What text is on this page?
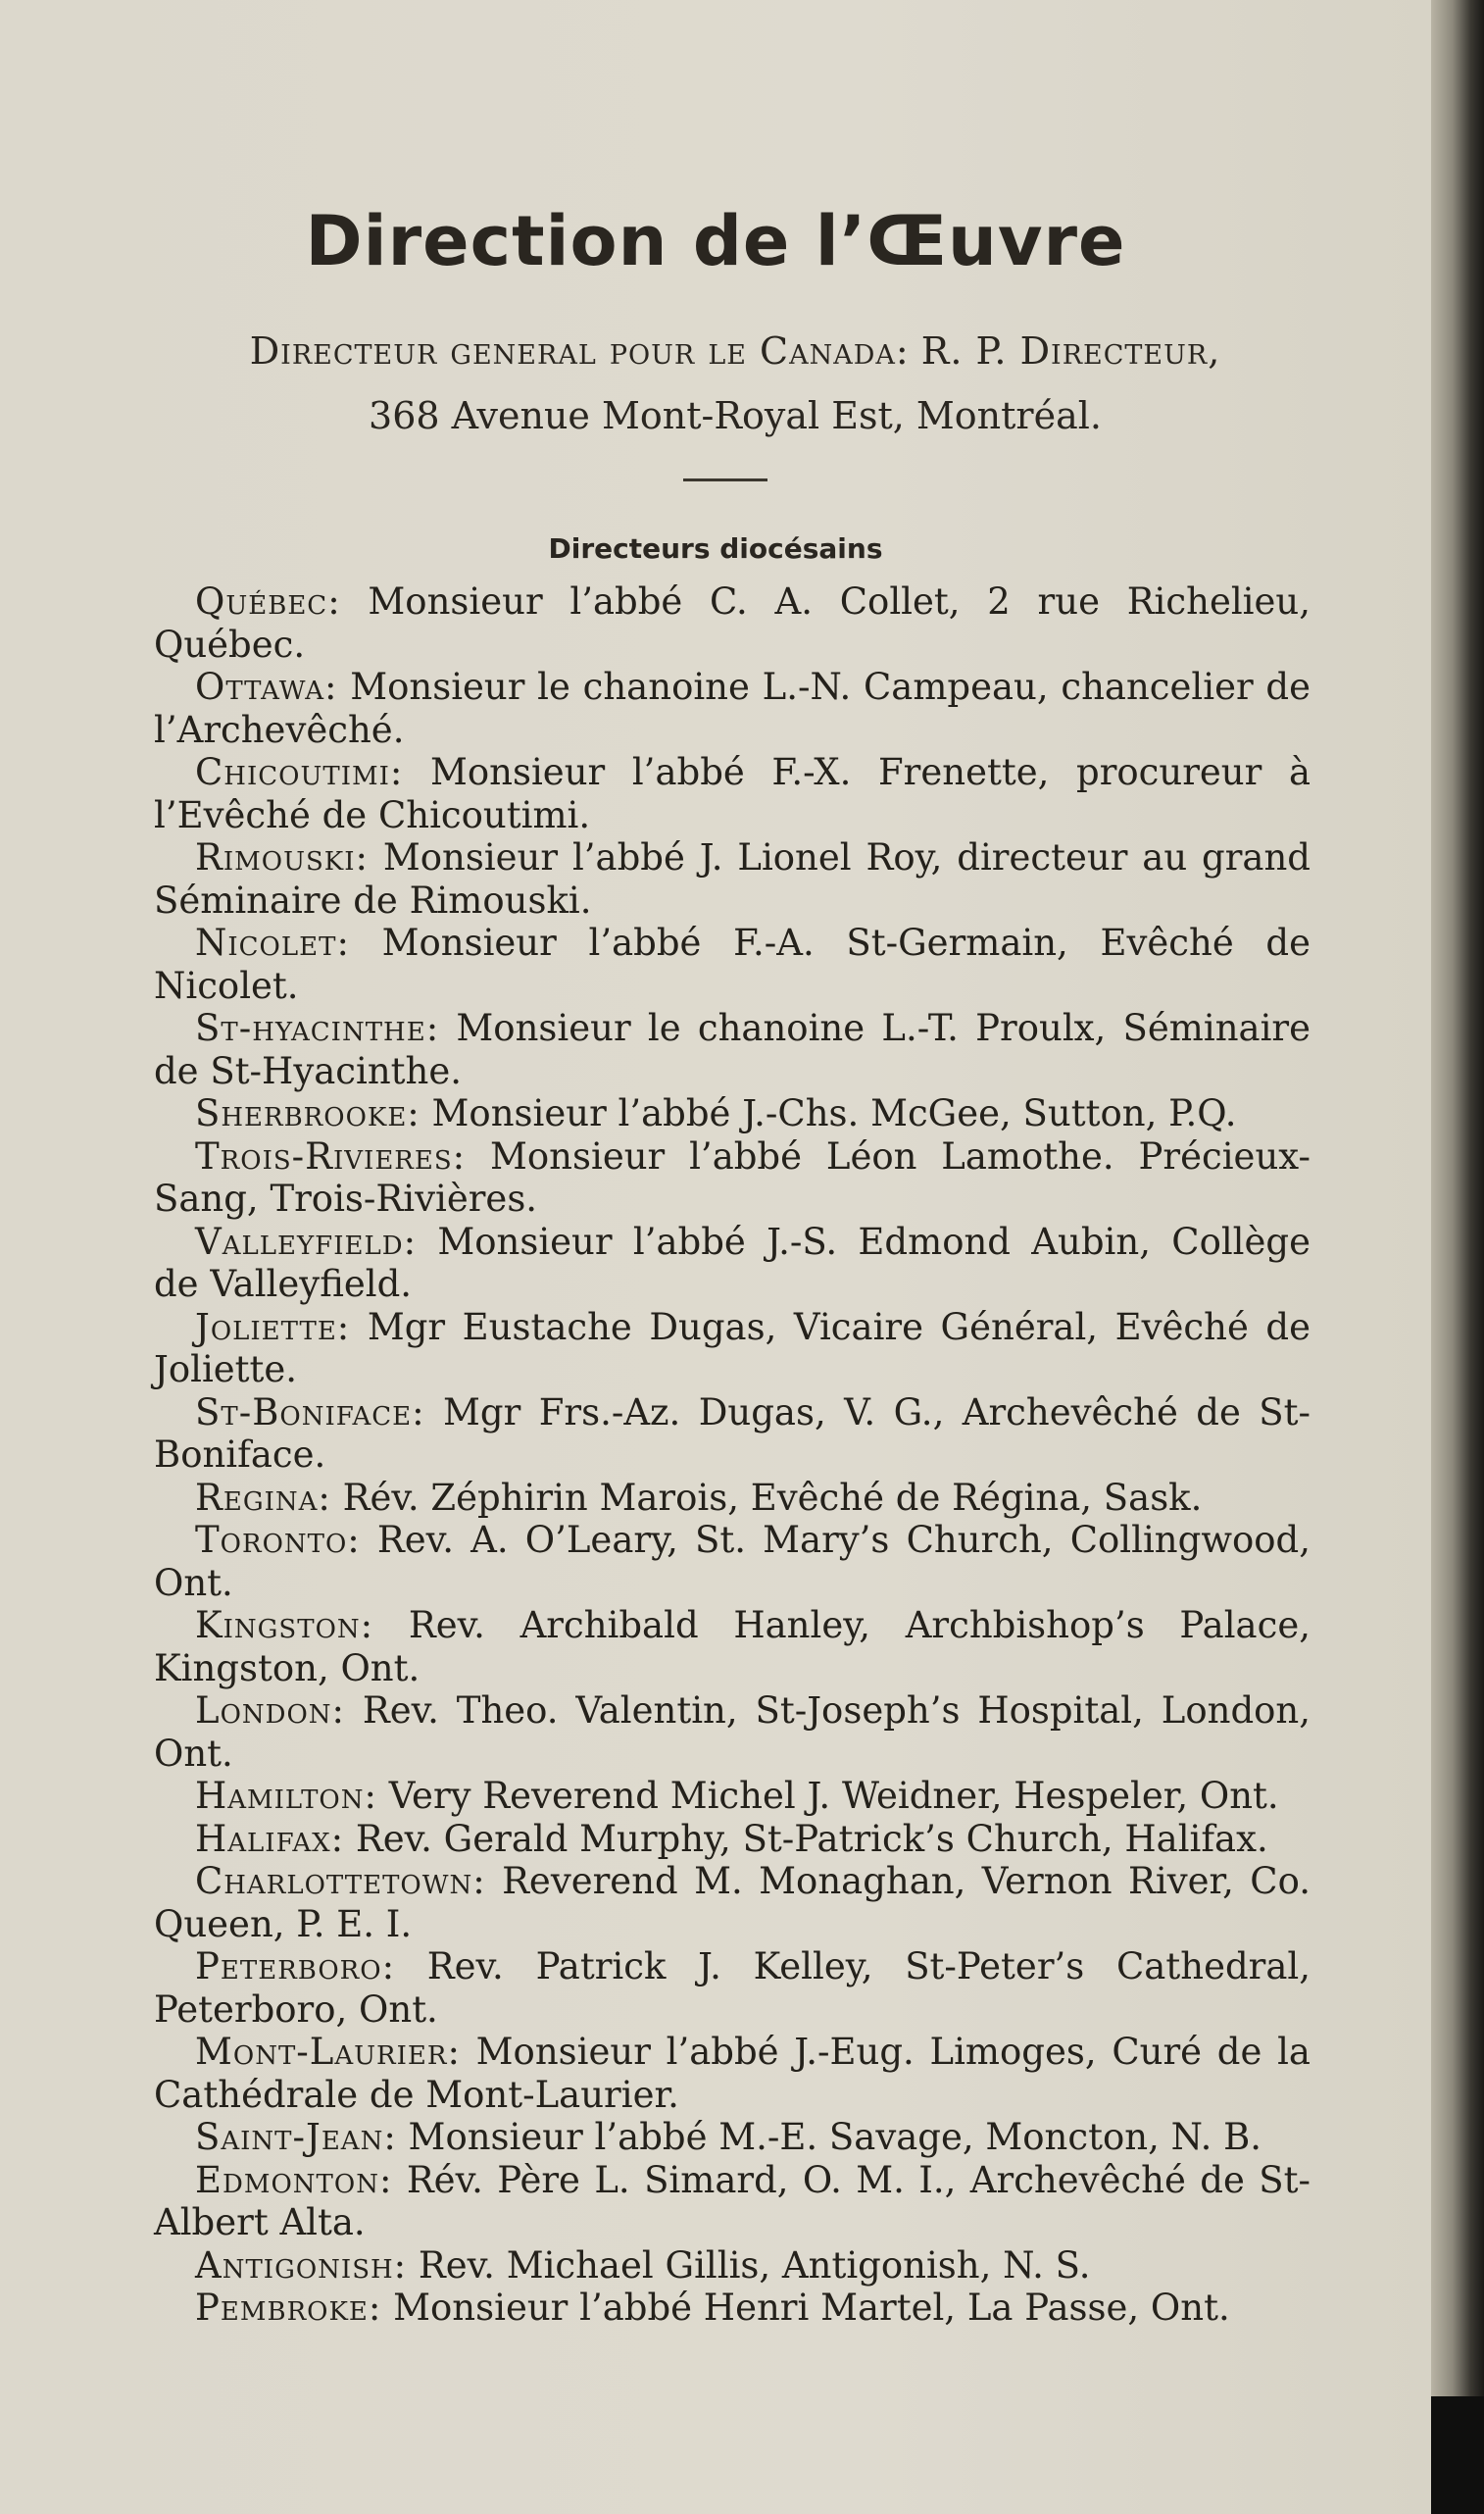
Direction de l’Œuvre
Directeur general pour le Canada: R. P. Directeur,
368 Avenue Mont-Royal Est, Montréal.
Directeurs diocésains

Québec: Monsieur l’abbé C. A. Collet, 2 rue Richelieu, Québec.

Ottawa: Monsieur le chanoine L.-N. Campeau, chancelier de l’Archevêché.

Chicoutimi: Monsieur l’abbé F.-X. Frenette, procureur à l’Evêché de Chicoutimi.

Rimouski: Monsieur l’abbé J. Lionel Roy, directeur au grand Séminaire de Rimouski.

Nicolet: Monsieur l’abbé F.-A. St-Germain, Evêché de Nicolet.

St-hyacinthe: Monsieur le chanoine L.-T. Proulx, Séminaire de St-Hyacinthe.

Sherbrooke: Monsieur l’abbé J.-Chs. McGee, Sutton, P.Q.

Trois-Rivieres: Monsieur l’abbé Léon Lamothe. Précieux-Sang, Trois-Rivières.

Valleyfield: Monsieur l’abbé J.-S. Edmond Aubin, Collège de Valleyfield.

Joliette: Mgr Eustache Dugas, Vicaire Général, Evêché de Joliette.

St-Boniface: Mgr Frs.-Az. Dugas, V. G., Archevêché de St-Boniface.

Regina: Rév. Zéphirin Marois, Evêché de Régina, Sask.

Toronto: Rev. A. O’Leary, St. Mary’s Church, Collingwood, Ont.

Kingston: Rev. Archibald Hanley, Archbishop’s Palace, Kingston, Ont.

London: Rev. Theo. Valentin, St-Joseph’s Hospital, London, Ont.

Hamilton: Very Reverend Michel J. Weidner, Hespeler, Ont.

Halifax: Rev. Gerald Murphy, St-Patrick’s Church, Halifax.

Charlottetown: Reverend M. Monaghan, Vernon River, Co. Queen, P. E. I.

Peterboro: Rev. Patrick J. Kelley, St-Peter’s Cathedral, Peterboro, Ont.

Mont-Laurier: Monsieur l’abbé J.-Eug. Limoges, Curé de la Cathédrale de Mont-Laurier.

Saint-Jean: Monsieur l’abbé M.-E. Savage, Moncton, N. B.

Edmonton: Rév. Père L. Simard, O. M. I., Archevêché de St-Albert Alta.

Antigonish: Rev. Michael Gillis, Antigonish, N. S.

Pembroke: Monsieur l’abbé Henri Martel, La Passe, Ont.
